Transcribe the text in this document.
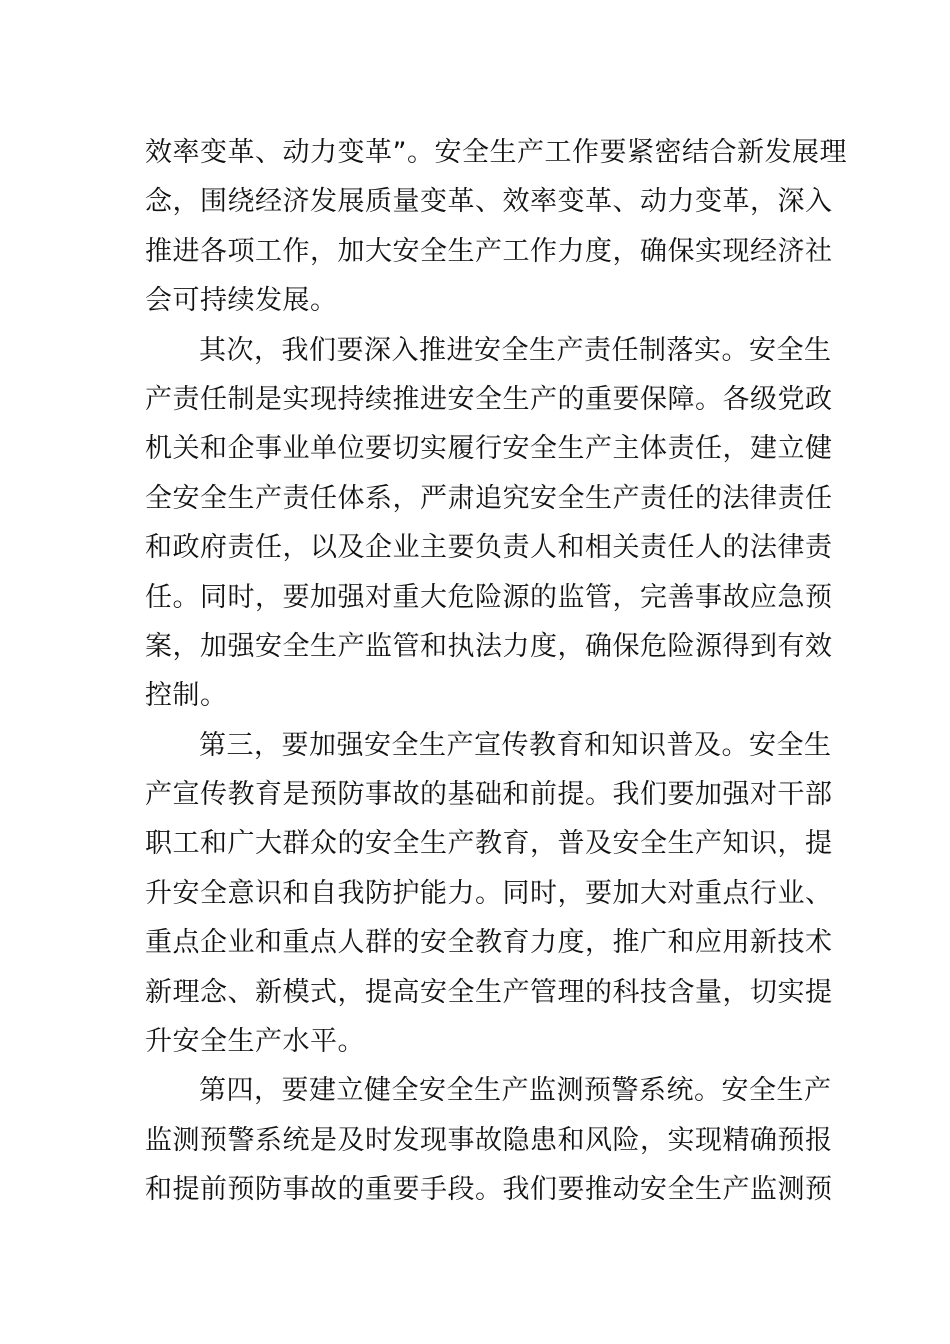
效率变革、动力变革”。安全生产工作要紧密结合新发展理
念，围绕经济发展质量变革、效率变革、动力变革，深入
推进各项工作，加大安全生产工作力度，确保实现经济社
会可持续发展。
其次，我们要深入推进安全生产责任制落实。安全生
产责任制是实现持续推进安全生产的重要保障。各级党政
机关和企事业单位要切实履行安全生产主体责任，建立健
全安全生产责任体系，严肃追究安全生产责任的法律责任
和政府责任，以及企业主要负责人和相关责任人的法律责
任。同时，要加强对重大危险源的监管，完善事故应急预
案，加强安全生产监管和执法力度，确保危险源得到有效
控制。
第三，要加强安全生产宣传教育和知识普及。安全生
产宣传教育是预防事故的基础和前提。我们要加强对干部
职工和广大群众的安全生产教育，普及安全生产知识，提
升安全意识和自我防护能力。同时，要加大对重点行业、
重点企业和重点人群的安全教育力度，推广和应用新技术
新理念、新模式，提高安全生产管理的科技含量，切实提
升安全生产水平。
第四，要建立健全安全生产监测预警系统。安全生产
监测预警系统是及时发现事故隐患和风险，实现精确预报
和提前预防事故的重要手段。我们要推动安全生产监测预
